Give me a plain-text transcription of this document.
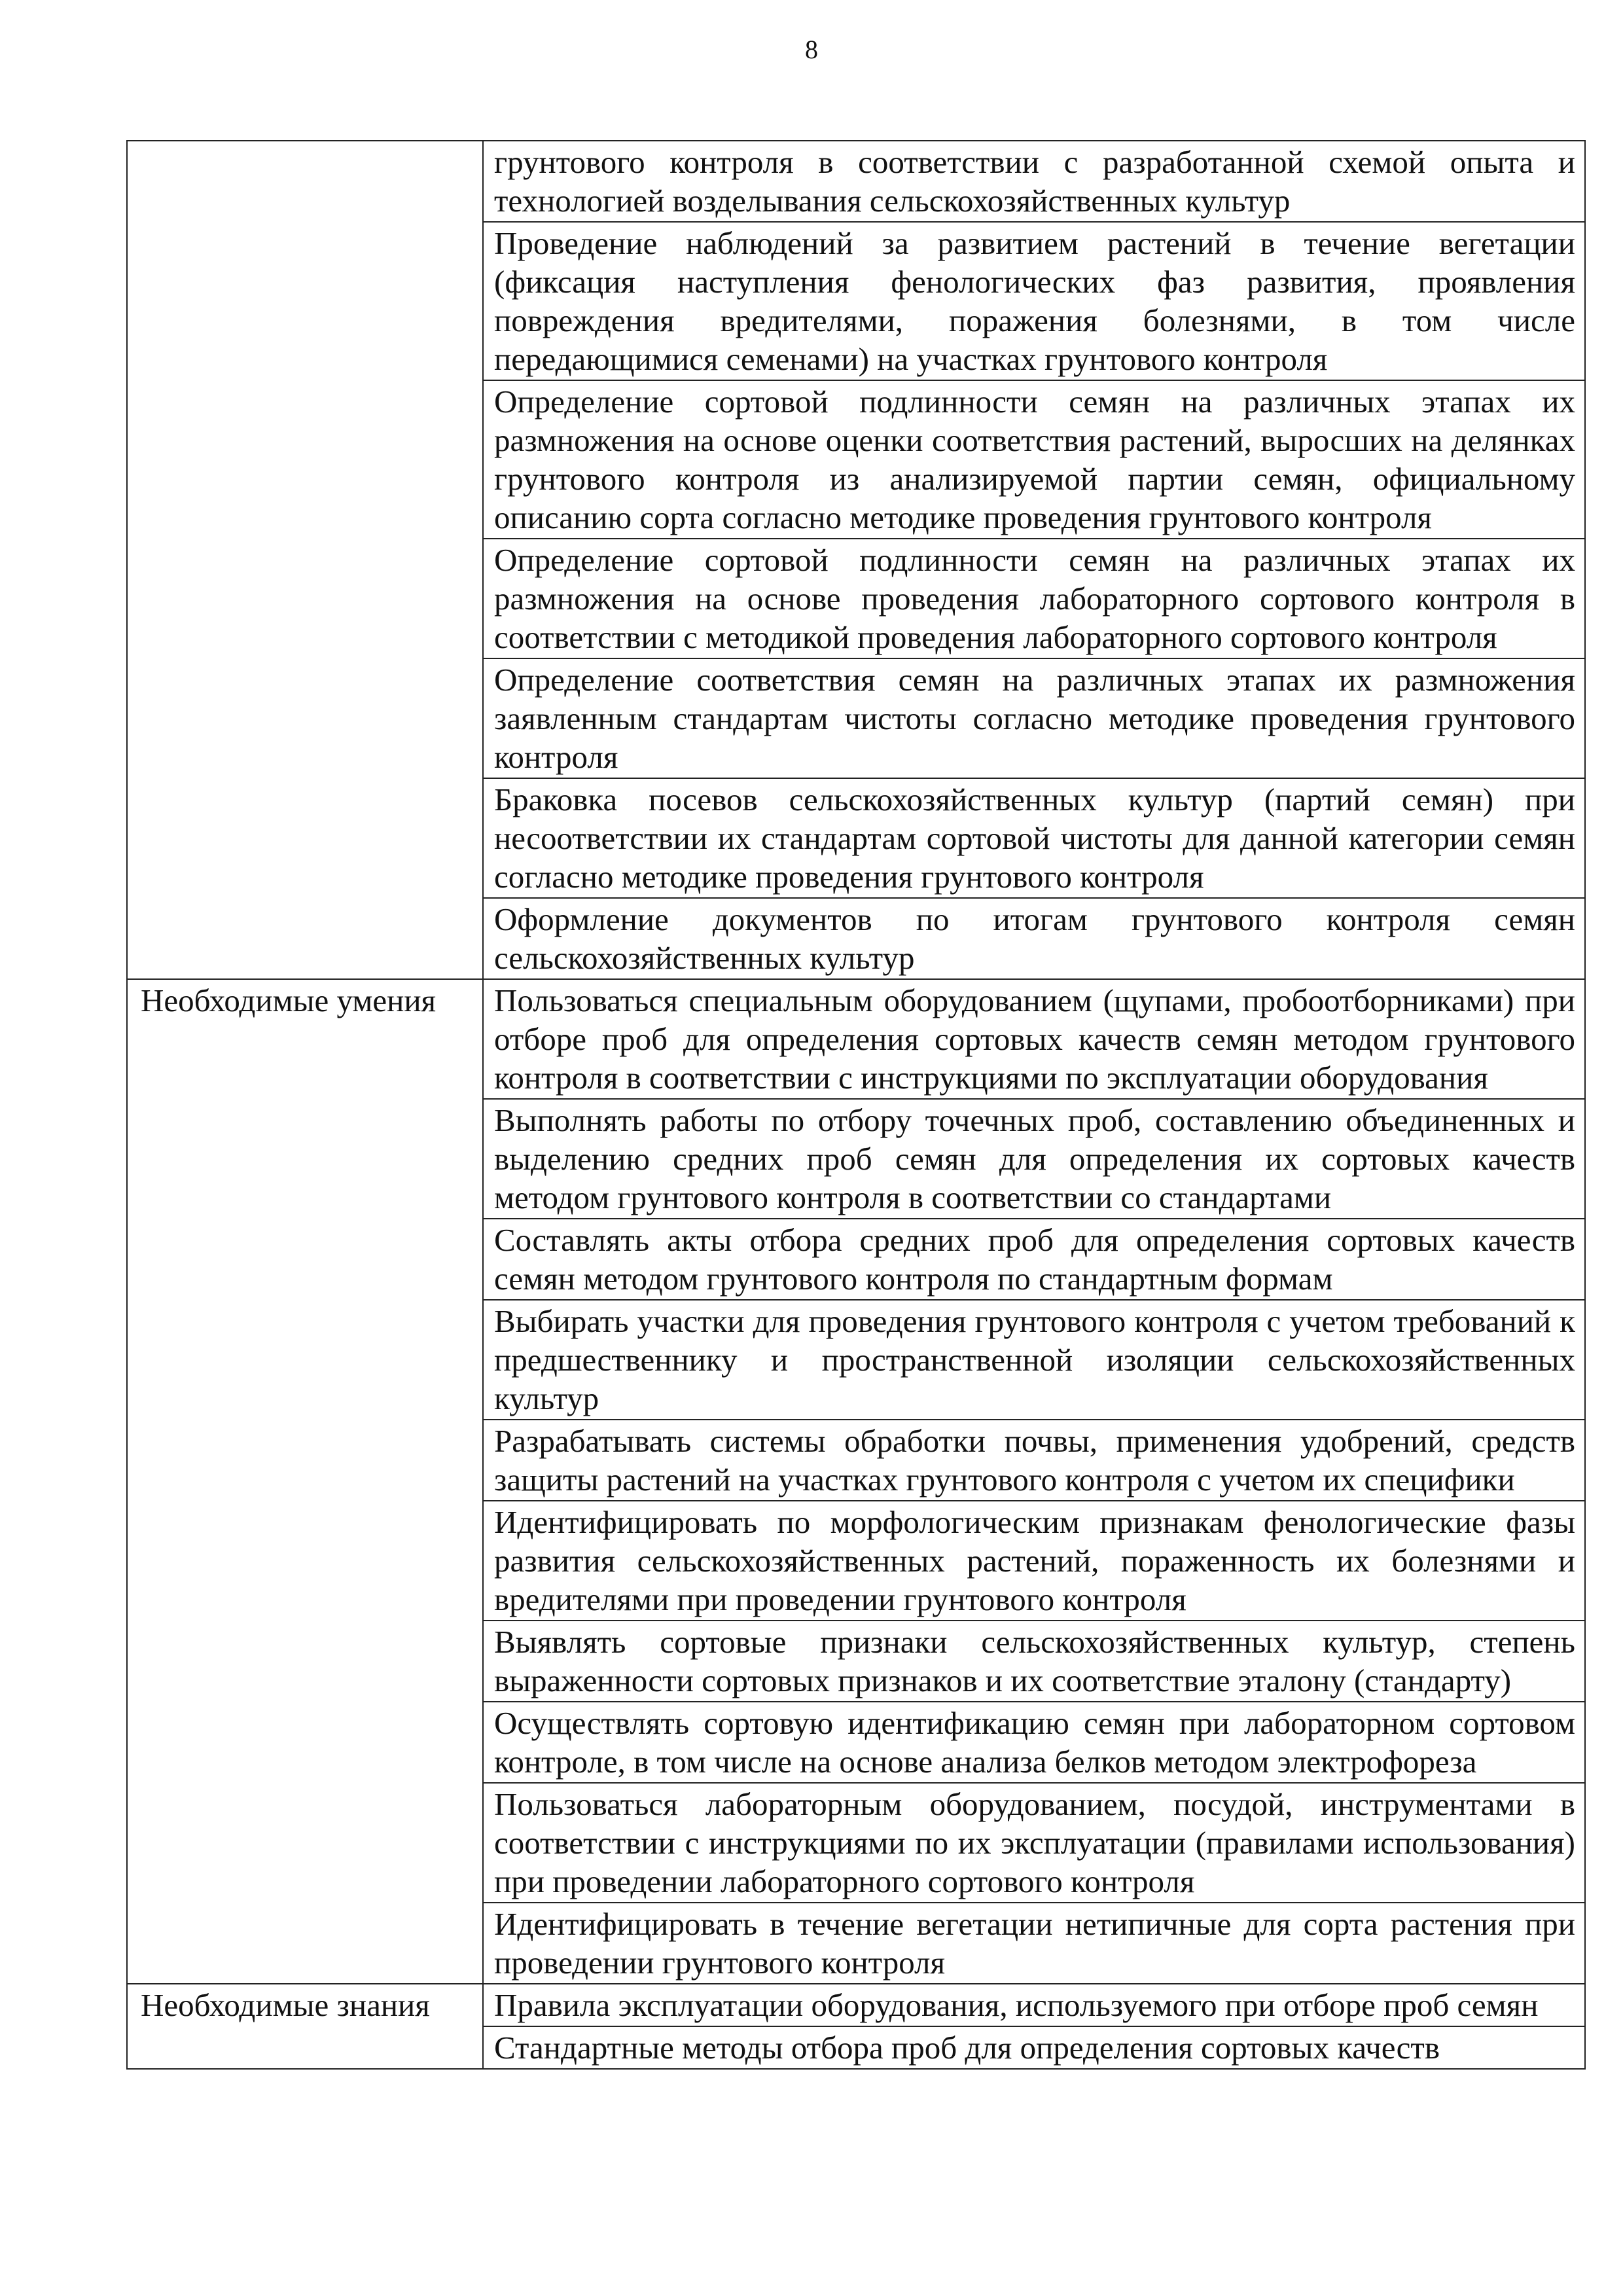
8
	грунтового контроля в соответствии с разработанной схемой опыта и технологией возделывания сельскохозяйственных культур
	Проведение наблюдений за развитием растений в течение вегетации (фиксация наступления фенологических фаз развития, проявления повреждения вредителями, поражения болезнями, в том числе передающимися семенами) на участках грунтового контроля
	Определение сортовой подлинности семян на различных этапах их размножения на основе оценки соответствия растений, выросших на делянках грунтового контроля из анализируемой партии семян, официальному описанию сорта согласно методике проведения грунтового контроля
	Определение сортовой подлинности семян на различных этапах их размножения на основе проведения лабораторного сортового контроля в соответствии с методикой проведения лабораторного сортового контроля
	Определение соответствия семян на различных этапах их размножения заявленным стандартам чистоты согласно методике проведения грунтового контроля
	Браковка посевов сельскохозяйственных культур (партий семян) при несоответствии их стандартам сортовой чистоты для данной категории семян согласно методике проведения грунтового контроля
	Оформление документов по итогам грунтового контроля семян сельскохозяйственных культур
Необходимые умения	Пользоваться специальным оборудованием (щупами, пробоотборниками) при отборе проб для определения сортовых качеств семян методом грунтового контроля в соответствии с инструкциями по эксплуатации оборудования
	Выполнять работы по отбору точечных проб, составлению объединенных и выделению средних проб семян для определения их сортовых качеств методом грунтового контроля в соответствии со стандартами
	Составлять акты отбора средних проб для определения сортовых качеств семян методом грунтового контроля по стандартным формам
	Выбирать участки для проведения грунтового контроля с учетом требований к предшественнику и пространственной изоляции сельскохозяйственных культур
	Разрабатывать системы обработки почвы, применения удобрений, средств защиты растений на участках грунтового контроля с учетом их специфики
	Идентифицировать по морфологическим признакам фенологические фазы развития сельскохозяйственных растений, пораженность их болезнями и вредителями при проведении грунтового контроля
	Выявлять сортовые признаки сельскохозяйственных культур, степень выраженности сортовых признаков и их соответствие эталону (стандарту)
	Осуществлять сортовую идентификацию семян при лабораторном сортовом контроле, в том числе на основе анализа белков методом электрофореза
	Пользоваться лабораторным оборудованием, посудой, инструментами в соответствии с инструкциями по их эксплуатации (правилами использования) при проведении лабораторного сортового контроля
	Идентифицировать в течение вегетации нетипичные для сорта растения при проведении грунтового контроля
Необходимые знания	Правила эксплуатации оборудования, используемого при отборе проб семян
	Стандартные методы отбора проб для определения сортовых качеств
